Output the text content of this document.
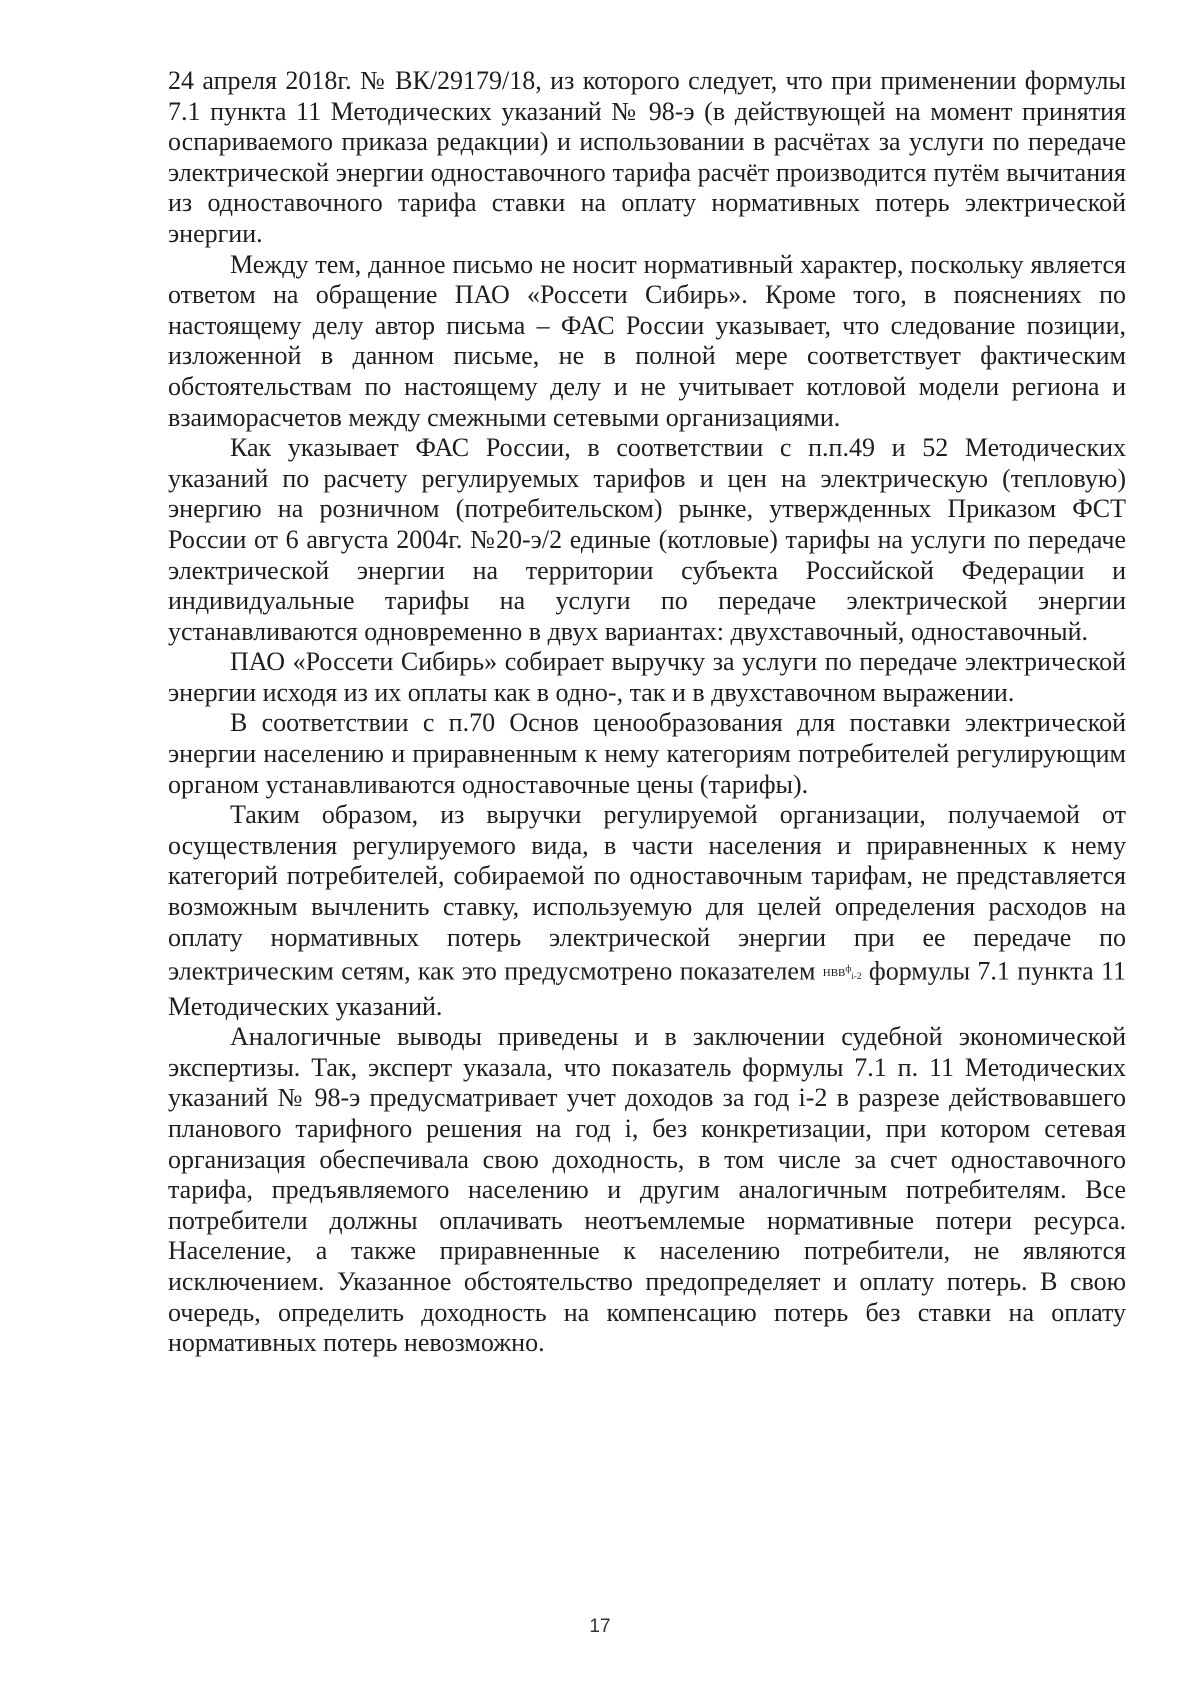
24 апреля 2018г. № ВК/29179/18, из которого следует, что при применении формулы 7.1 пункта 11 Методических указаний № 98-э (в действующей на момент принятия оспариваемого приказа редакции) и использовании в расчётах за услуги по передаче электрической энергии одноставочного тарифа расчёт производится путём вычитания из одноставочного тарифа ставки на оплату нормативных потерь электрической энергии.

Между тем, данное письмо не носит нормативный характер, поскольку является ответом на обращение ПАО «Россети Сибирь». Кроме того, в пояснениях по настоящему делу автор письма – ФАС России указывает, что следование позиции, изложенной в данном письме, не в полной мере соответствует фактическим обстоятельствам по настоящему делу и не учитывает котловой модели региона и взаиморасчетов между смежными сетевыми организациями.

Как указывает ФАС России, в соответствии с п.п.49 и 52 Методических указаний по расчету регулируемых тарифов и цен на электрическую (тепловую) энергию на розничном (потребительском) рынке, утвержденных Приказом ФСТ России от 6 августа 2004г. №20-э/2 единые (котловые) тарифы на услуги по передаче электрической энергии на территории субъекта Российской Федерации и индивидуальные тарифы на услуги по передаче электрической энергии устанавливаются одновременно в двух вариантах: двухставочный, одноставочный.

ПАО «Россети Сибирь» собирает выручку за услуги по передаче электрической энергии исходя из их оплаты как в одно-, так и в двухставочном выражении.

В соответствии с п.70 Основ ценообразования для поставки электрической энергии населению и приравненным к нему категориям потребителей регулирующим органом устанавливаются одноставочные цены (тарифы).

Таким образом, из выручки регулируемой организации, получаемой от осуществления регулируемого вида, в части населения и приравненных к нему категорий потребителей, собираемой по одноставочным тарифам, не представляется возможным вычленить ставку, используемую для целей определения расходов на оплату нормативных потерь электрической энергии при ее передаче по электрическим сетям, как это предусмотрено показателем $^{НВВ^ф_{i-2}}$ формулы 7.1 пункта 11 Методических указаний.

Аналогичные выводы приведены и в заключении судебной экономической экспертизы. Так, эксперт указала, что показатель формулы 7.1 п. 11 Методических указаний № 98-э предусматривает учет доходов за год i-2 в разрезе действовавшего планового тарифного решения на год i, без конкретизации, при котором сетевая организация обеспечивала свою доходность, в том числе за счет одноставочного тарифа, предъявляемого населению и другим аналогичным потребителям. Все потребители должны оплачивать неотъемлемые нормативные потери ресурса. Население, а также приравненные к населению потребители, не являются исключением. Указанное обстоятельство предопределяет и оплату потерь. В свою очередь, определить доходность на компенсацию потерь без ставки на оплату нормативных потерь невозможно.

17
